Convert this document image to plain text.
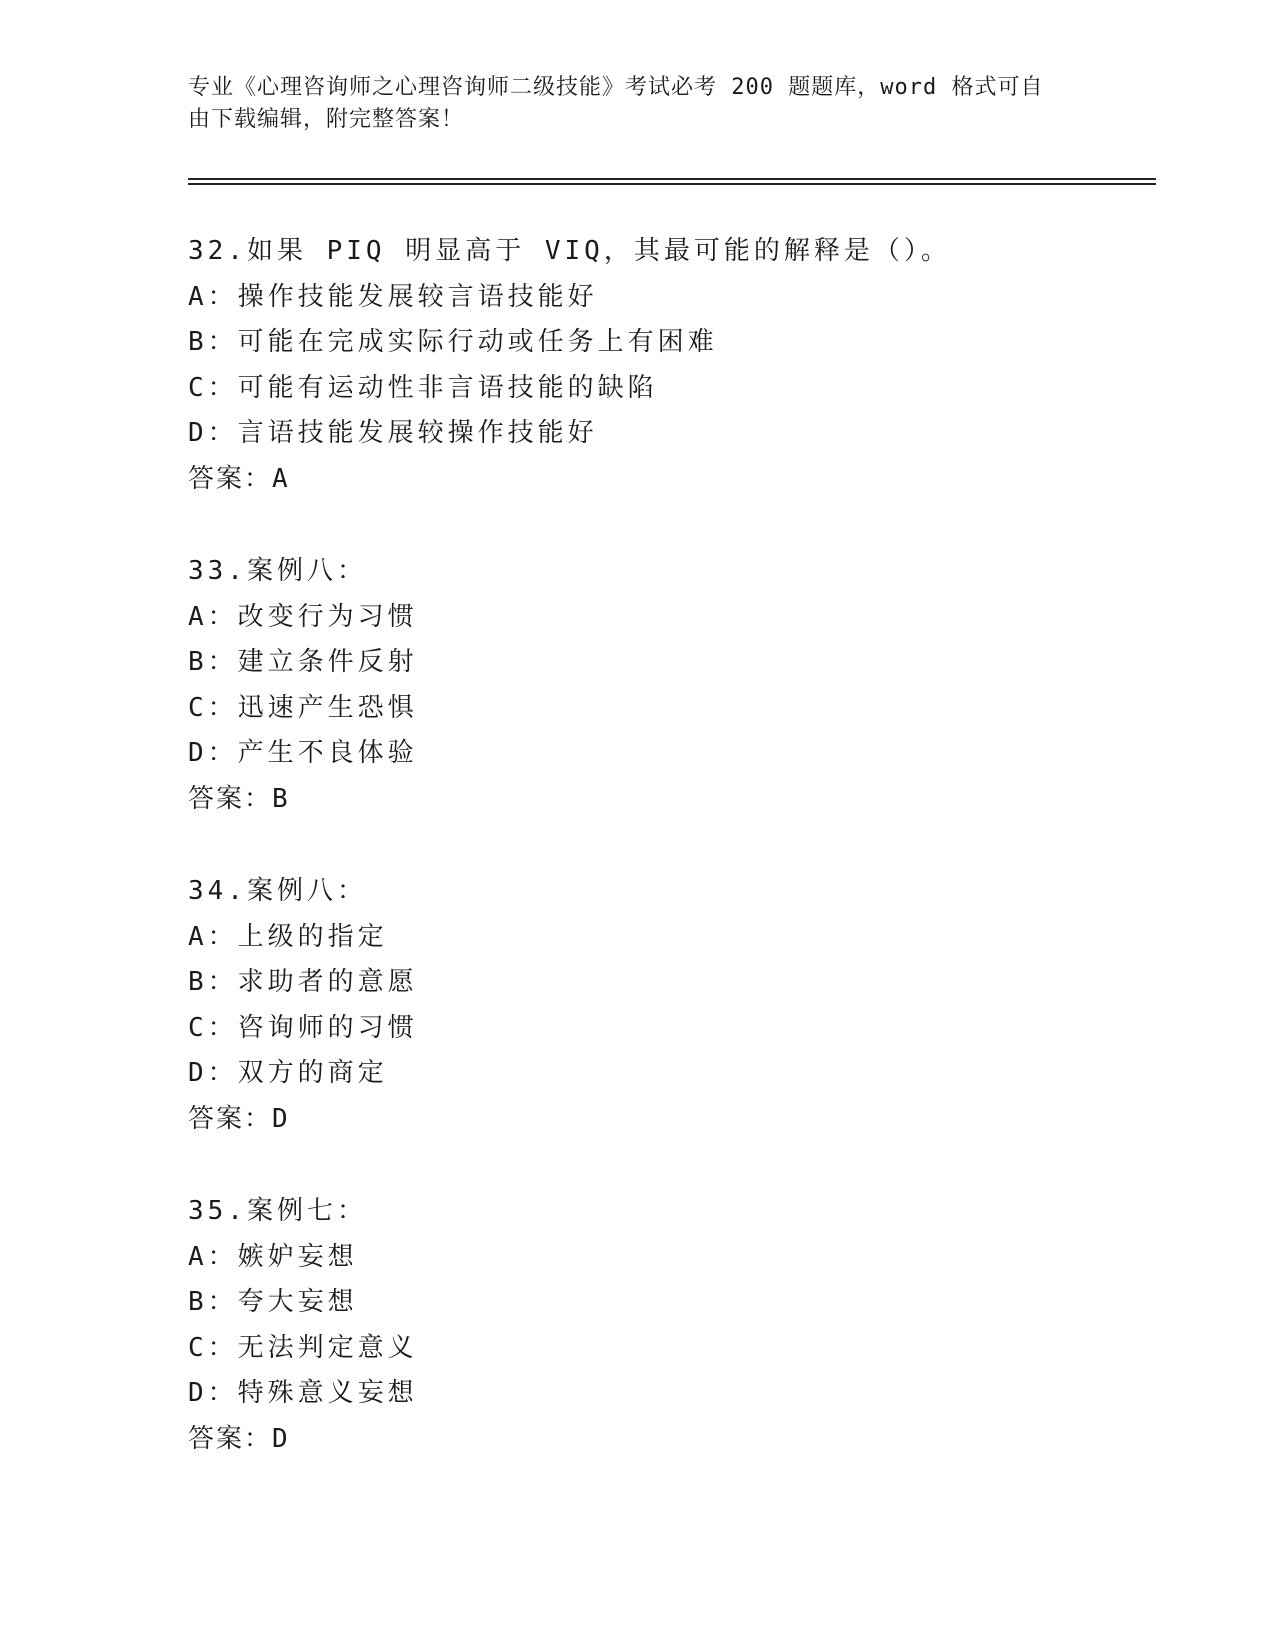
专业《心理咨询师之心理咨询师二级技能》考试必考 200 题题库，word 格式可自
由下载编辑，附完整答案！
32.如果 PIQ 明显高于 VIQ，其最可能的解释是（）。
A：操作技能发展较言语技能好
B：可能在完成实际行动或任务上有困难
C：可能有运动性非言语技能的缺陷
D：言语技能发展较操作技能好
答案：A
33.案例八：
A：改变行为习惯
B：建立条件反射
C：迅速产生恐惧
D：产生不良体验
答案：B
34.案例八：
A：上级的指定
B：求助者的意愿
C：咨询师的习惯
D：双方的商定
答案：D
35.案例七：
A：嫉妒妄想
B：夸大妄想
C：无法判定意义
D：特殊意义妄想
答案：D
